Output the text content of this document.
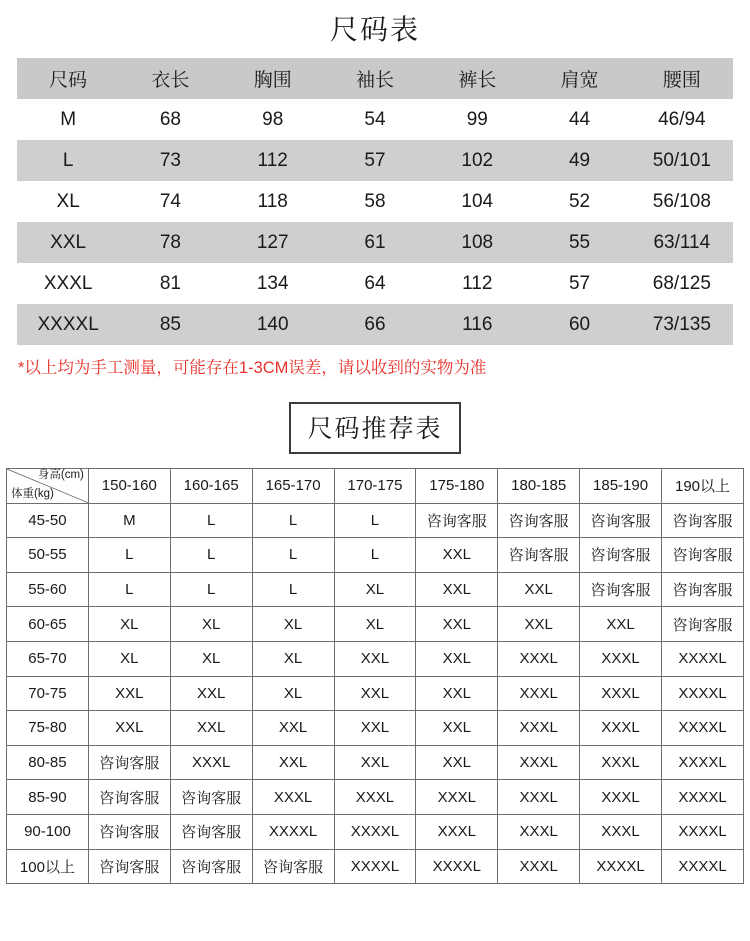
尺码表
尺码	衣长	胸围	袖长	裤长	肩宽	腰围
M	68	98	54	99	44	46/94
L	73	112	57	102	49	50/101
XL	74	118	58	104	52	56/108
XXL	78	127	61	108	55	63/114
XXXL	81	134	64	112	57	68/125
XXXXL	85	140	66	116	60	73/135
*以上均为手工测量，可能存在1-3CM误差，请以收到的实物为准
尺码推荐表
身高(cm)
体重(kg)	150-160	160-165	165-170	170-175	175-180	180-185	185-190	190以上
45-50	M	L	L	L	咨询客服	咨询客服	咨询客服	咨询客服
50-55	L	L	L	L	XXL	咨询客服	咨询客服	咨询客服
55-60	L	L	L	XL	XXL	XXL	咨询客服	咨询客服
60-65	XL	XL	XL	XL	XXL	XXL	XXL	咨询客服
65-70	XL	XL	XL	XXL	XXL	XXXL	XXXL	XXXXL
70-75	XXL	XXL	XL	XXL	XXL	XXXL	XXXL	XXXXL
75-80	XXL	XXL	XXL	XXL	XXL	XXXL	XXXL	XXXXL
80-85	咨询客服	XXXL	XXL	XXL	XXL	XXXL	XXXL	XXXXL
85-90	咨询客服	咨询客服	XXXL	XXXL	XXXL	XXXL	XXXL	XXXXL
90-100	咨询客服	咨询客服	XXXXL	XXXXL	XXXL	XXXL	XXXL	XXXXL
100以上	咨询客服	咨询客服	咨询客服	XXXXL	XXXXL	XXXL	XXXXL	XXXXL
